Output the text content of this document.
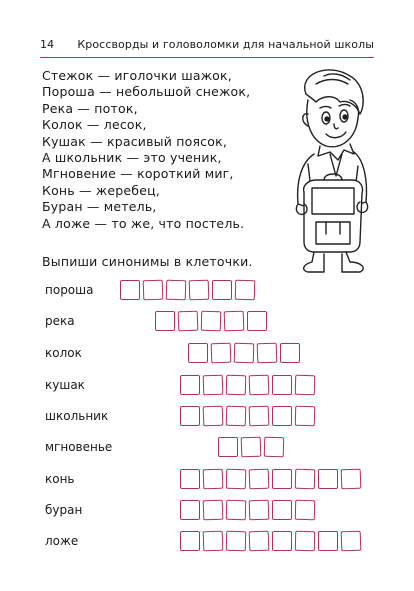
14 Кроссворды и головоломки для начальной школы
Стежок — иголочки шажок,
Пороша — небольшой снежок,
Река — поток,
Колок — лесок,
Кушак — красивый поясок,
А школьник — это ученик,
Мгновение — короткий миг,
Конь — жеребец,
Буран — метель,
А ложе — то же, что постель.
Выпиши синонимы в клеточки.
пороша
река
колок
кушак
школьник
мгновенье
конь
буран
ложе
